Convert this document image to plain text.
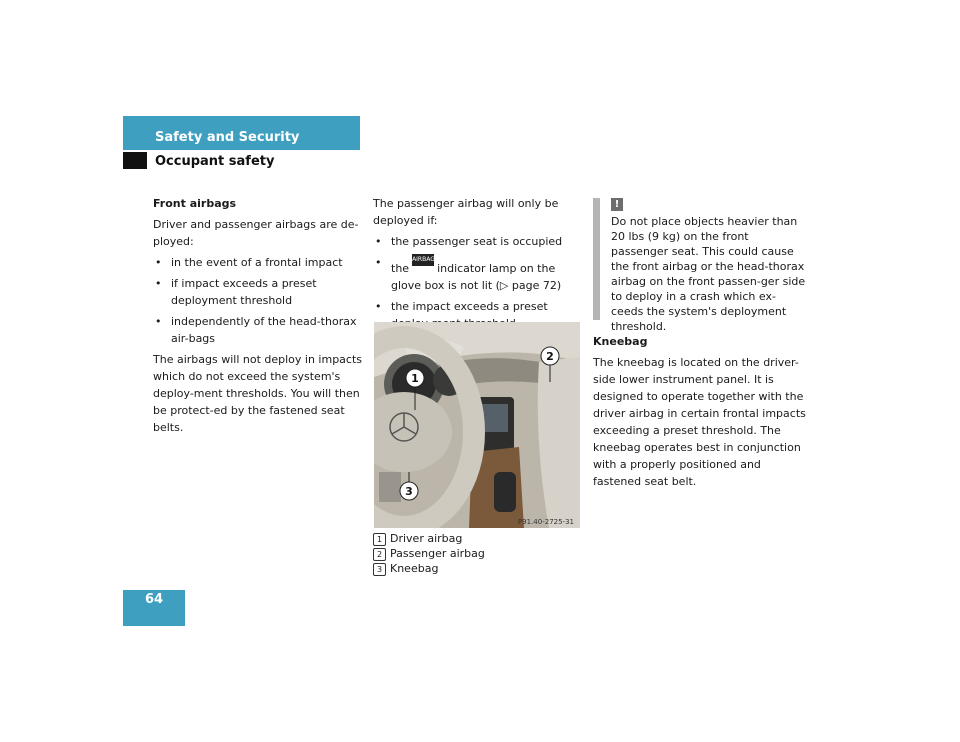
Safety and Security
Occupant safety

Front airbags

Driver and passenger airbags are de-ployed:

• in the event of a frontal impact
• if impact exceeds a preset deployment threshold
• independently of the head-thorax air-bags

The airbags will not deploy in impacts which do not exceed the system's deploy-ment thresholds. You will then be protect-ed by the fastened seat belts.

The passenger airbag will only be deployed if:

• the passenger seat is occupied
• theAIRBAG OFF indicator lamp on the glove box is not lit (▷ page 72)
• the impact exceeds a preset
1
2
3
P91.40-2725-31
1 Driver airbag
2 Passenger airbag
3 Kneebag
!

Do not place objects heavier than 20 lbs (9 kg) on the front passenger seat. This could cause the front airbag or the head-thorax airbag on the front passen-ger side to deploy in a crash which ex-ceeds the system's deployment threshold.

Kneebag

The kneebag is located on the driver-side lower instrument panel. It is designed to operate together with the driver airbag in certain frontal impacts exceeding a preset threshold. The kneebag operates best in conjunction with a properly positioned and fastened seat belt.

64
